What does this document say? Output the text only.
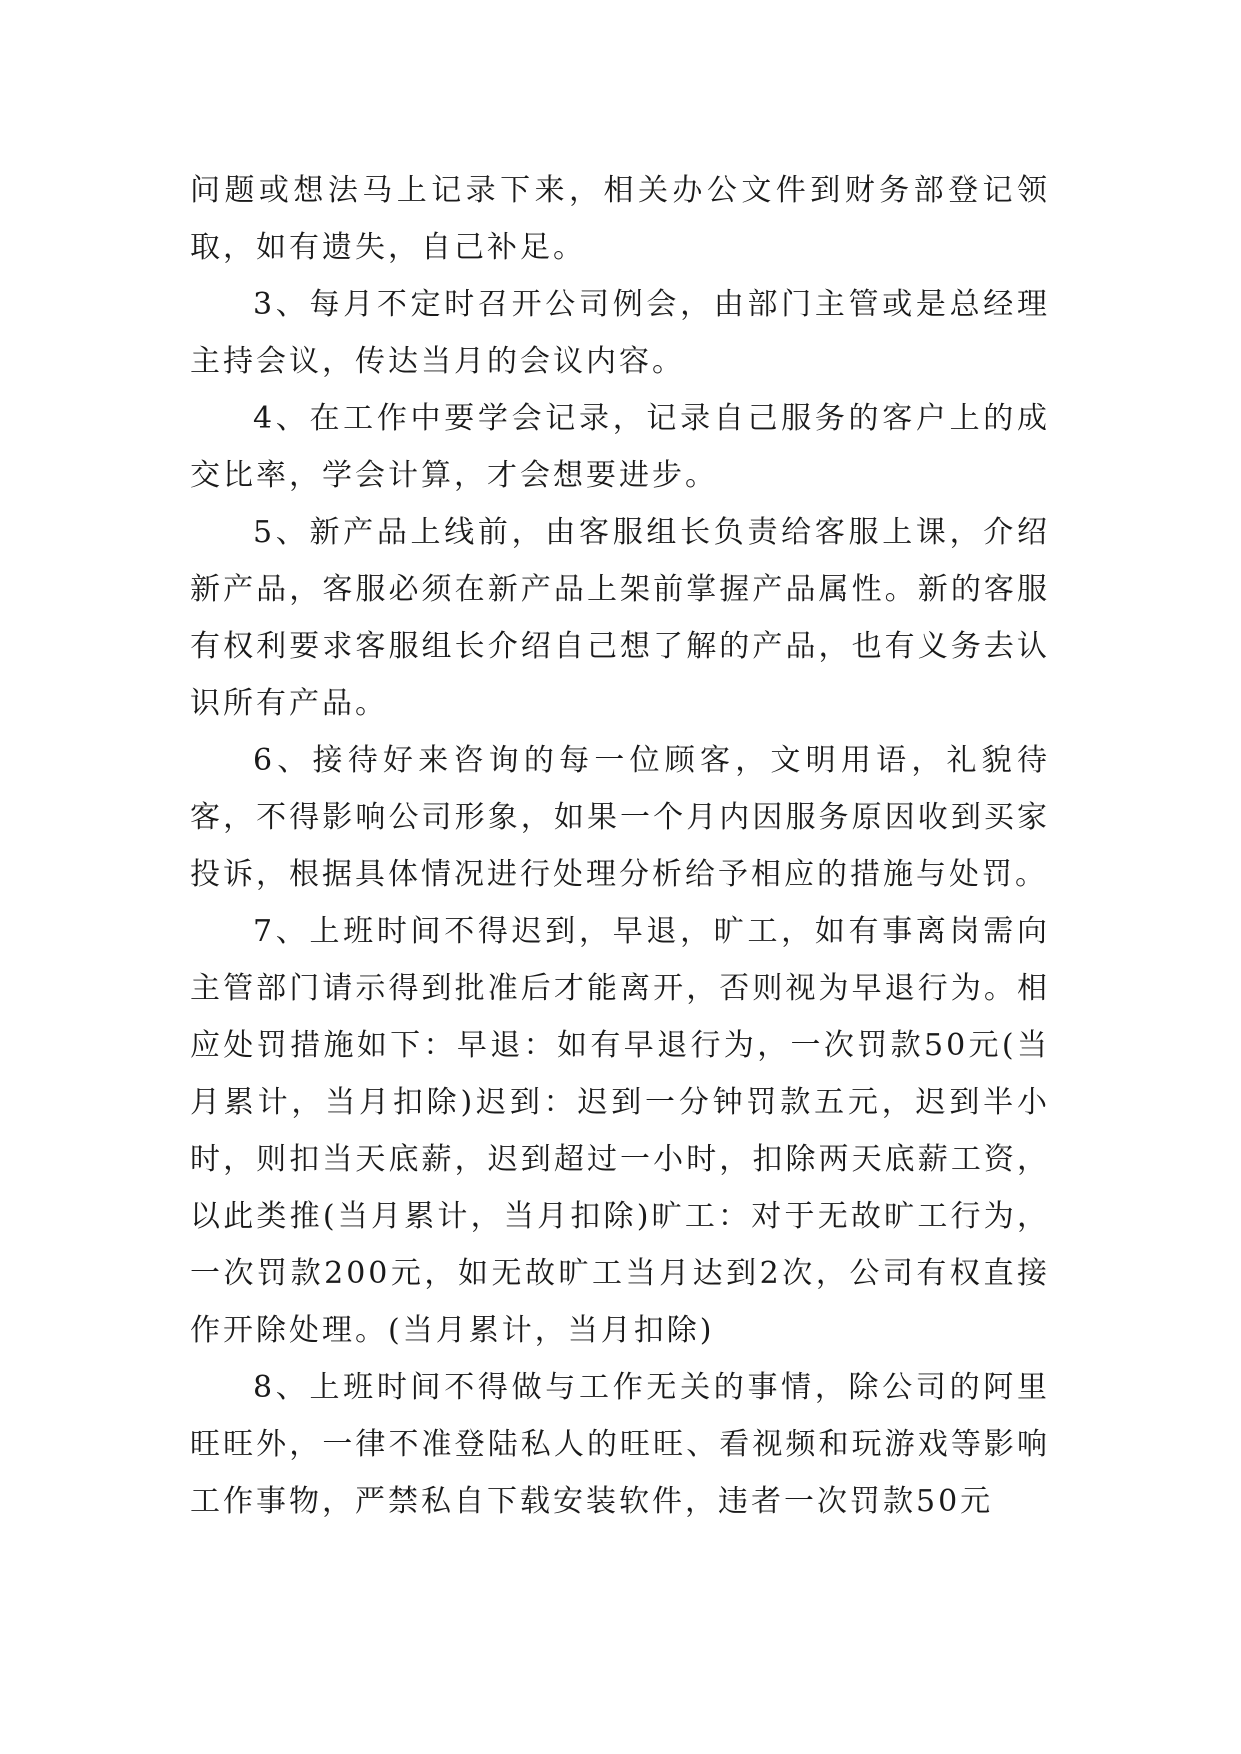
问题或想法马上记录下来，相关办公文件到财务部登记领取，如有遗失，自己补足。

3、每月不定时召开公司例会，由部门主管或是总经理主持会议，传达当月的会议内容。

4、在工作中要学会记录，记录自己服务的客户上的成交比率，学会计算，才会想要进步。

5、新产品上线前，由客服组长负责给客服上课，介绍新产品，客服必须在新产品上架前掌握产品属性。新的客服有权利要求客服组长介绍自己想了解的产品，也有义务去认识所有产品。

6、接待好来咨询的每一位顾客，文明用语，礼貌待客，不得影响公司形象，如果一个月内因服务原因收到买家投诉，根据具体情况进行处理分析给予相应的措施与处罚。

7、上班时间不得迟到，早退，旷工，如有事离岗需向主管部门请示得到批准后才能离开，否则视为早退行为。相应处罚措施如下：早退：如有早退行为，一次罚款50元(当月累计，当月扣除)迟到：迟到一分钟罚款五元，迟到半小时，则扣当天底薪，迟到超过一小时，扣除两天底薪工资，以此类推(当月累计，当月扣除)旷工：对于无故旷工行为，一次罚款200元，如无故旷工当月达到2次，公司有权直接作开除处理。(当月累计，当月扣除)

8、上班时间不得做与工作无关的事情，除公司的阿里旺旺外，一律不准登陆私人的旺旺、看视频和玩游戏等影响工作事物，严禁私自下载安装软件，违者一次罚款50元
